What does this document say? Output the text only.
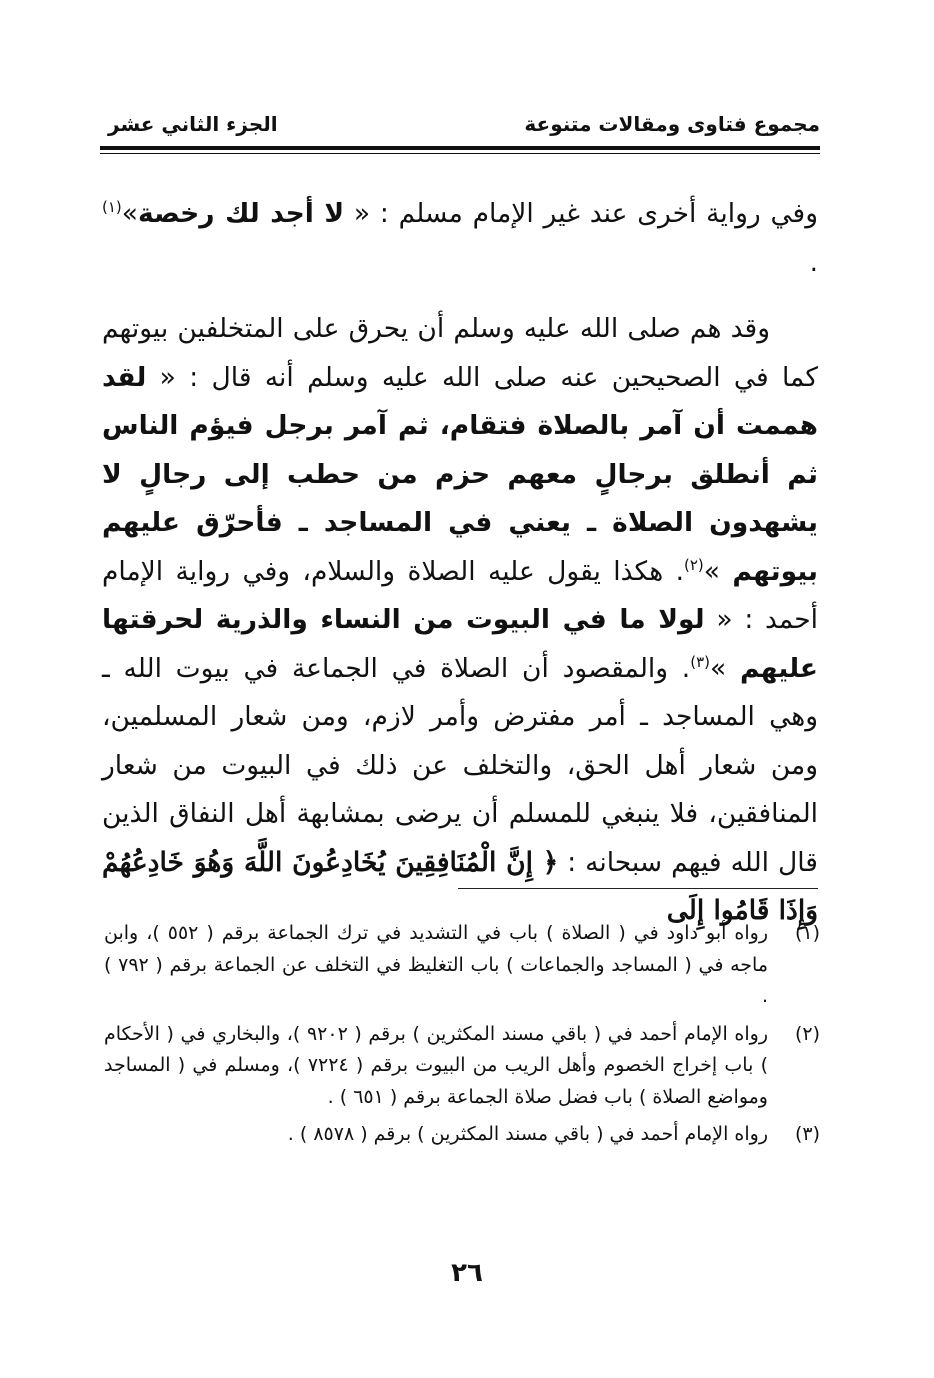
مجموع فتاوى ومقالات متنوعة
الجزء الثاني عشر

وفي رواية أخرى عند غير الإمام مسلم : « لا أجد لك رخصة»$^{(١)}$ .

وقد هم صلى الله عليه وسلم أن يحرق على المتخلفين بيوتهم كما في الصحيحين عنه صلى الله عليه وسلم أنه قال : « لقد هممت أن آمر بالصلاة فتقام، ثم آمر برجل فيؤم الناس ثم أنطلق برجالٍ معهم حزم من حطب إلى رجالٍ لا يشهدون الصلاة ـ يعني في المساجد ـ فأحرّق عليهم بيوتهم »$^{(٢)}$. هكذا يقول عليه الصلاة والسلام، وفي رواية الإمام أحمد : « لولا ما في البيوت من النساء والذرية لحرقتها عليهم »$^{(٣)}$. والمقصود أن الصلاة في الجماعة في بيوت الله ـ وهي المساجد ـ أمر مفترض وأمر لازم، ومن شعار المسلمين، ومن شعار أهل الحق، والتخلف عن ذلك في البيوت من شعار المنافقين، فلا ينبغي للمسلم أن يرضى بمشابهة أهل النفاق الذين قال الله فيهم سبحانه : ﴿ إِنَّ الْمُنَافِقِينَ يُخَادِعُونَ اللَّهَ وَهُوَ خَادِعُهُمْ وَإِذَا قَامُوا إِلَى

(١)
رواه أبو داود في ( الصلاة ) باب في التشديد في ترك الجماعة برقم ( ٥٥٢ )، وابن ماجه في ( المساجد والجماعات ) باب التغليظ في التخلف عن الجماعة برقم ( ٧٩٢ ) .
(٢)
رواه الإمام أحمد في ( باقي مسند المكثرين ) برقم ( ٩٢٠٢ )، والبخاري في ( الأحكام ) باب إخراج الخصوم وأهل الريب من البيوت برقم ( ٧٢٢٤ )، ومسلم في ( المساجد ومواضع الصلاة ) باب فضل صلاة الجماعة برقم ( ٦٥١ ) .
(٣)
رواه الإمام أحمد في ( باقي مسند المكثرين ) برقم ( ٨٥٧٨ ) .
٢٦
